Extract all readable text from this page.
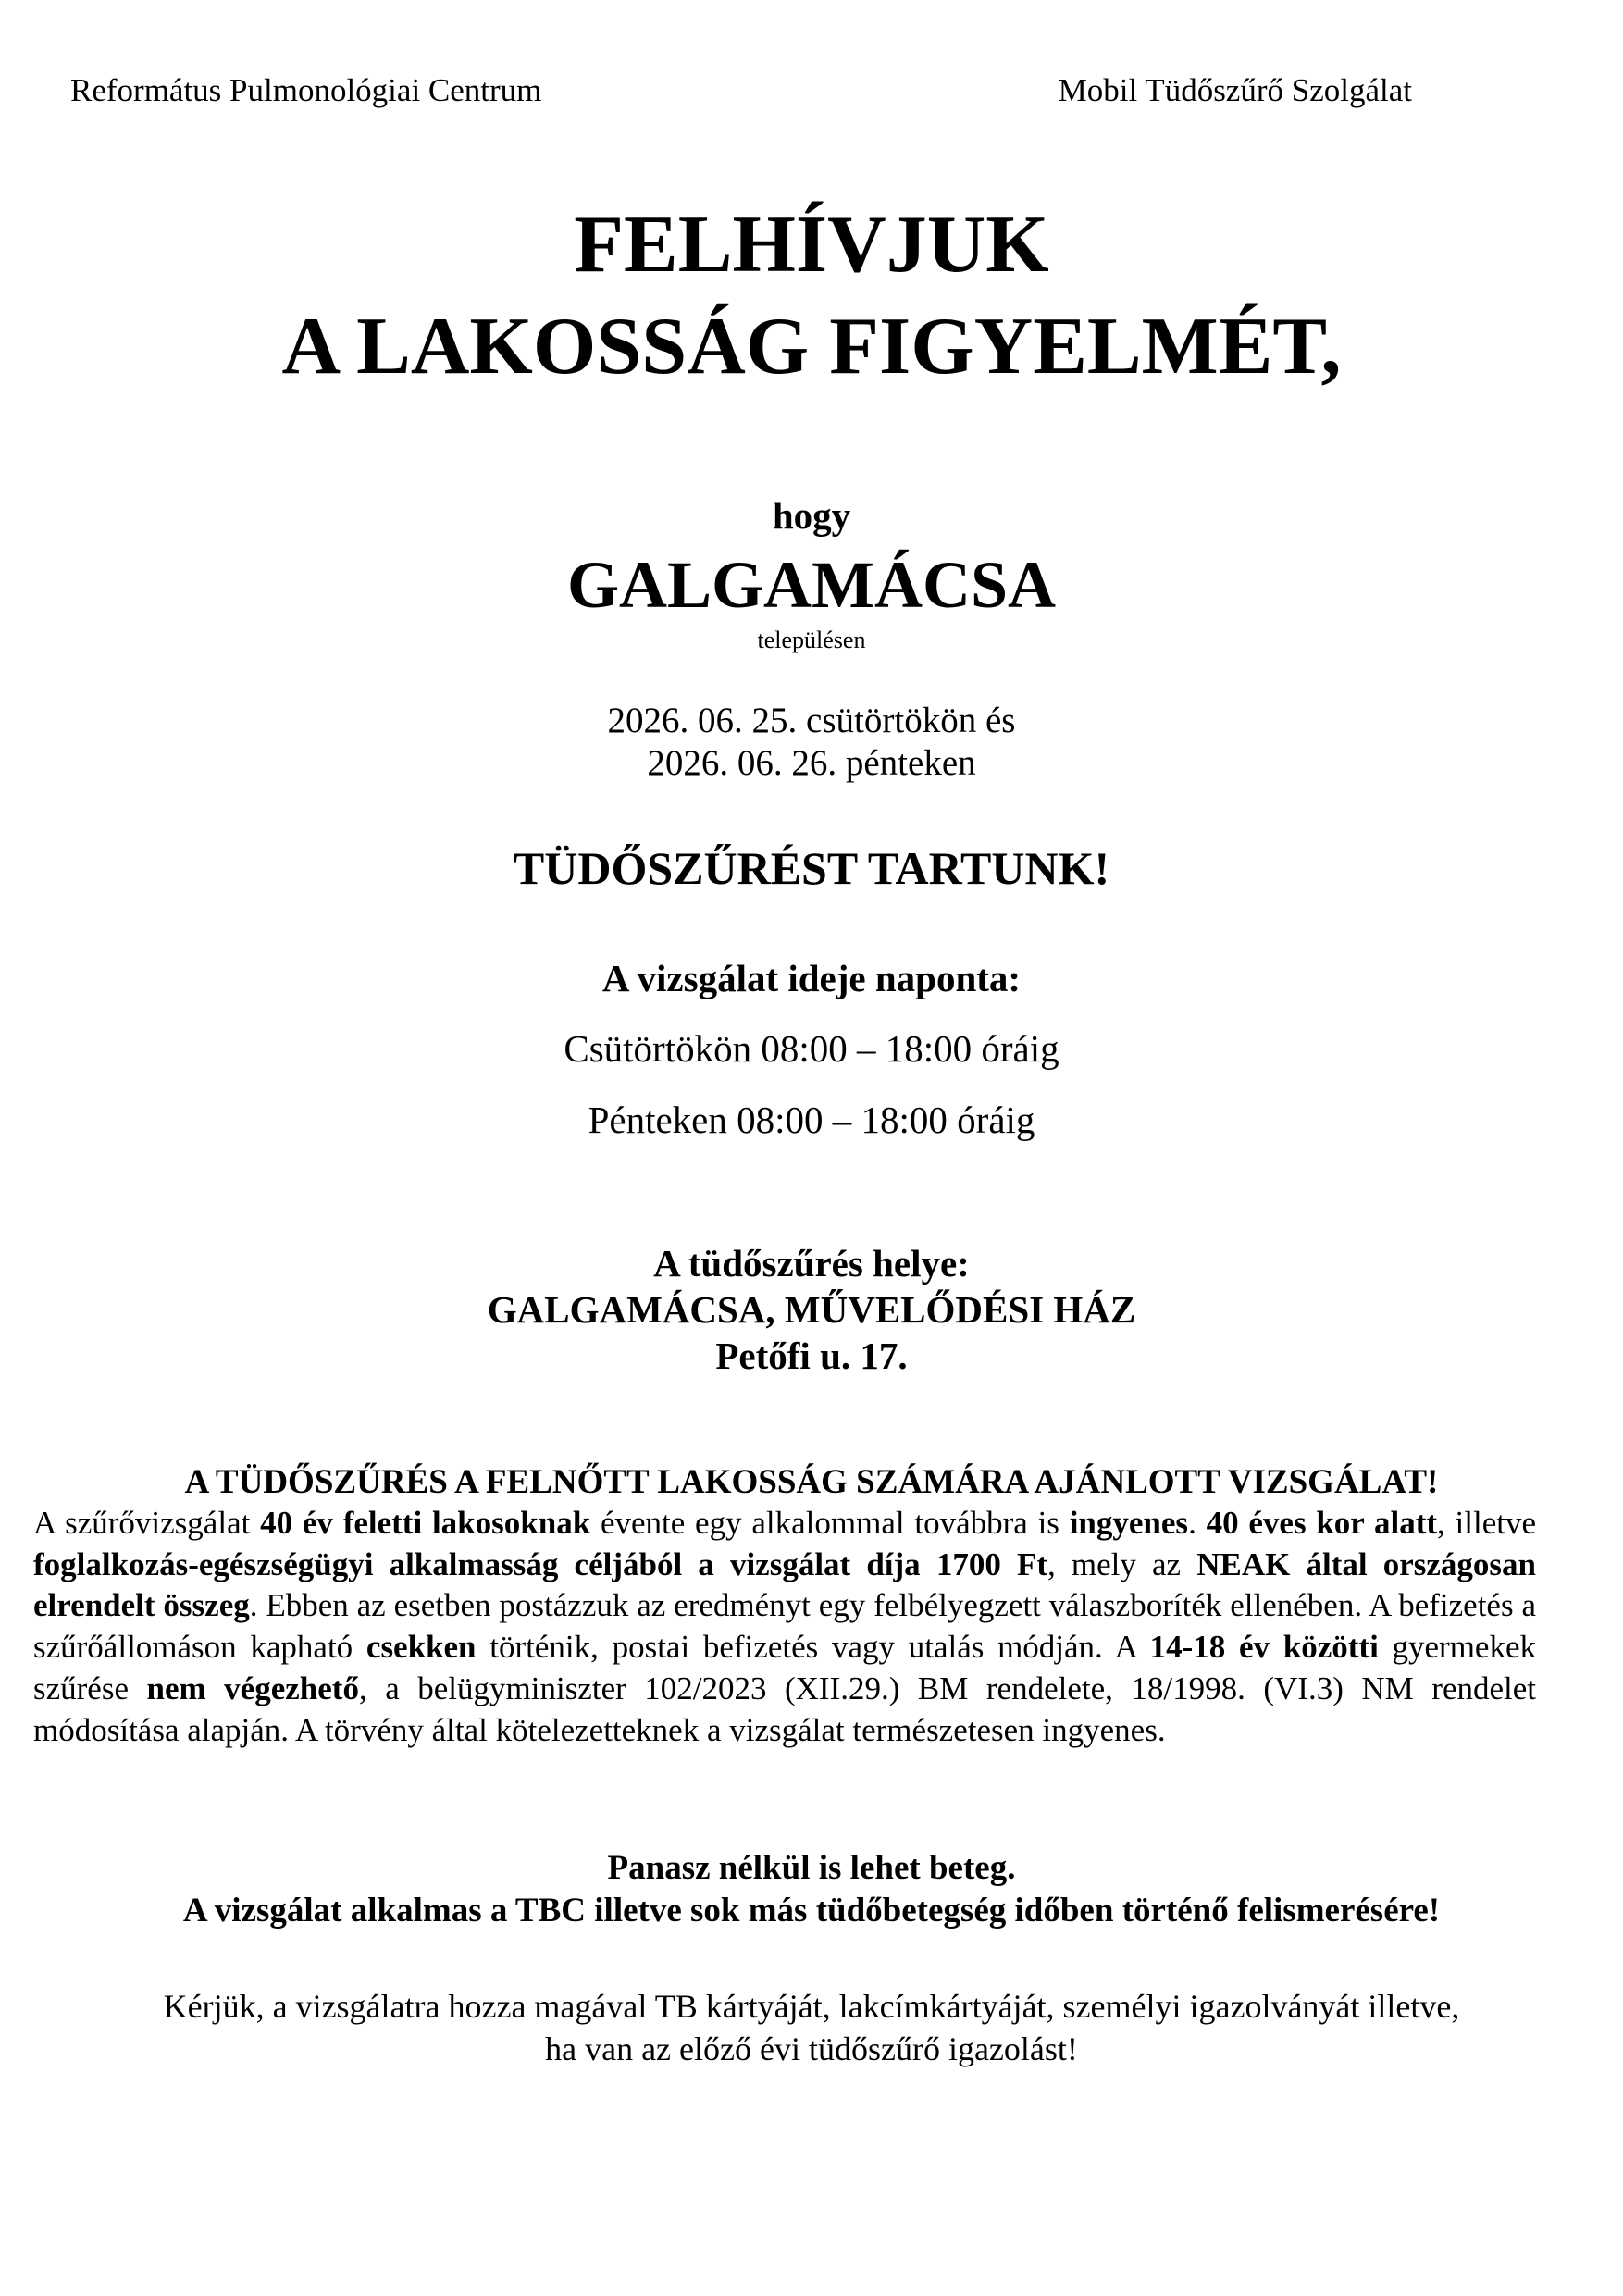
Református Pulmonológiai Centrum	Mobil Tüdőszűrő Szolgálat
FELHÍVJUK
A LAKOSSÁG FIGYELMÉT,
hogy
GALGAMÁCSA
településen
2026. 06. 25. csütörtökön és
2026. 06. 26. pénteken
TÜDŐSZŰRÉST TARTUNK!
A vizsgálat ideje naponta:
Csütörtökön 08:00 – 18:00 óráig
Pénteken 08:00 – 18:00 óráig
A tüdőszűrés helye:
GALGAMÁCSA, MŰVELŐDÉSI HÁZ
Petőfi u. 17.
A TÜDŐSZŰRÉS A FELNŐTT LAKOSSÁG SZÁMÁRA AJÁNLOTT VIZSGÁLAT!
A szűrővizsgálat 40 év feletti lakosoknak évente egy alkalommal továbbra is ingyenes. 40 éves kor alatt, illetve foglalkozás-egészségügyi alkalmasság céljából a vizsgálat díja 1700 Ft, mely az NEAK által országosan elrendelt összeg. Ebben az esetben postázzuk az eredményt egy felbélyegzett válaszboríték ellenében. A befizetés a szűrőállomáson kapható csekken történik, postai befizetés vagy utalás módján. A 14-18 év közötti gyermekek szűrése nem végezhető, a belügyminiszter 102/2023 (XII.29.) BM rendelete, 18/1998. (VI.3) NM rendelet módosítása alapján. A törvény által kötelezetteknek a vizsgálat természetesen ingyenes.
Panasz nélkül is lehet beteg.
A vizsgálat alkalmas a TBC illetve sok más tüdőbetegség időben történő felismerésére!
Kérjük, a vizsgálatra hozza magával TB kártyáját, lakcímkártyáját, személyi igazolványát illetve,
ha van az előző évi tüdőszűrő igazolást!
